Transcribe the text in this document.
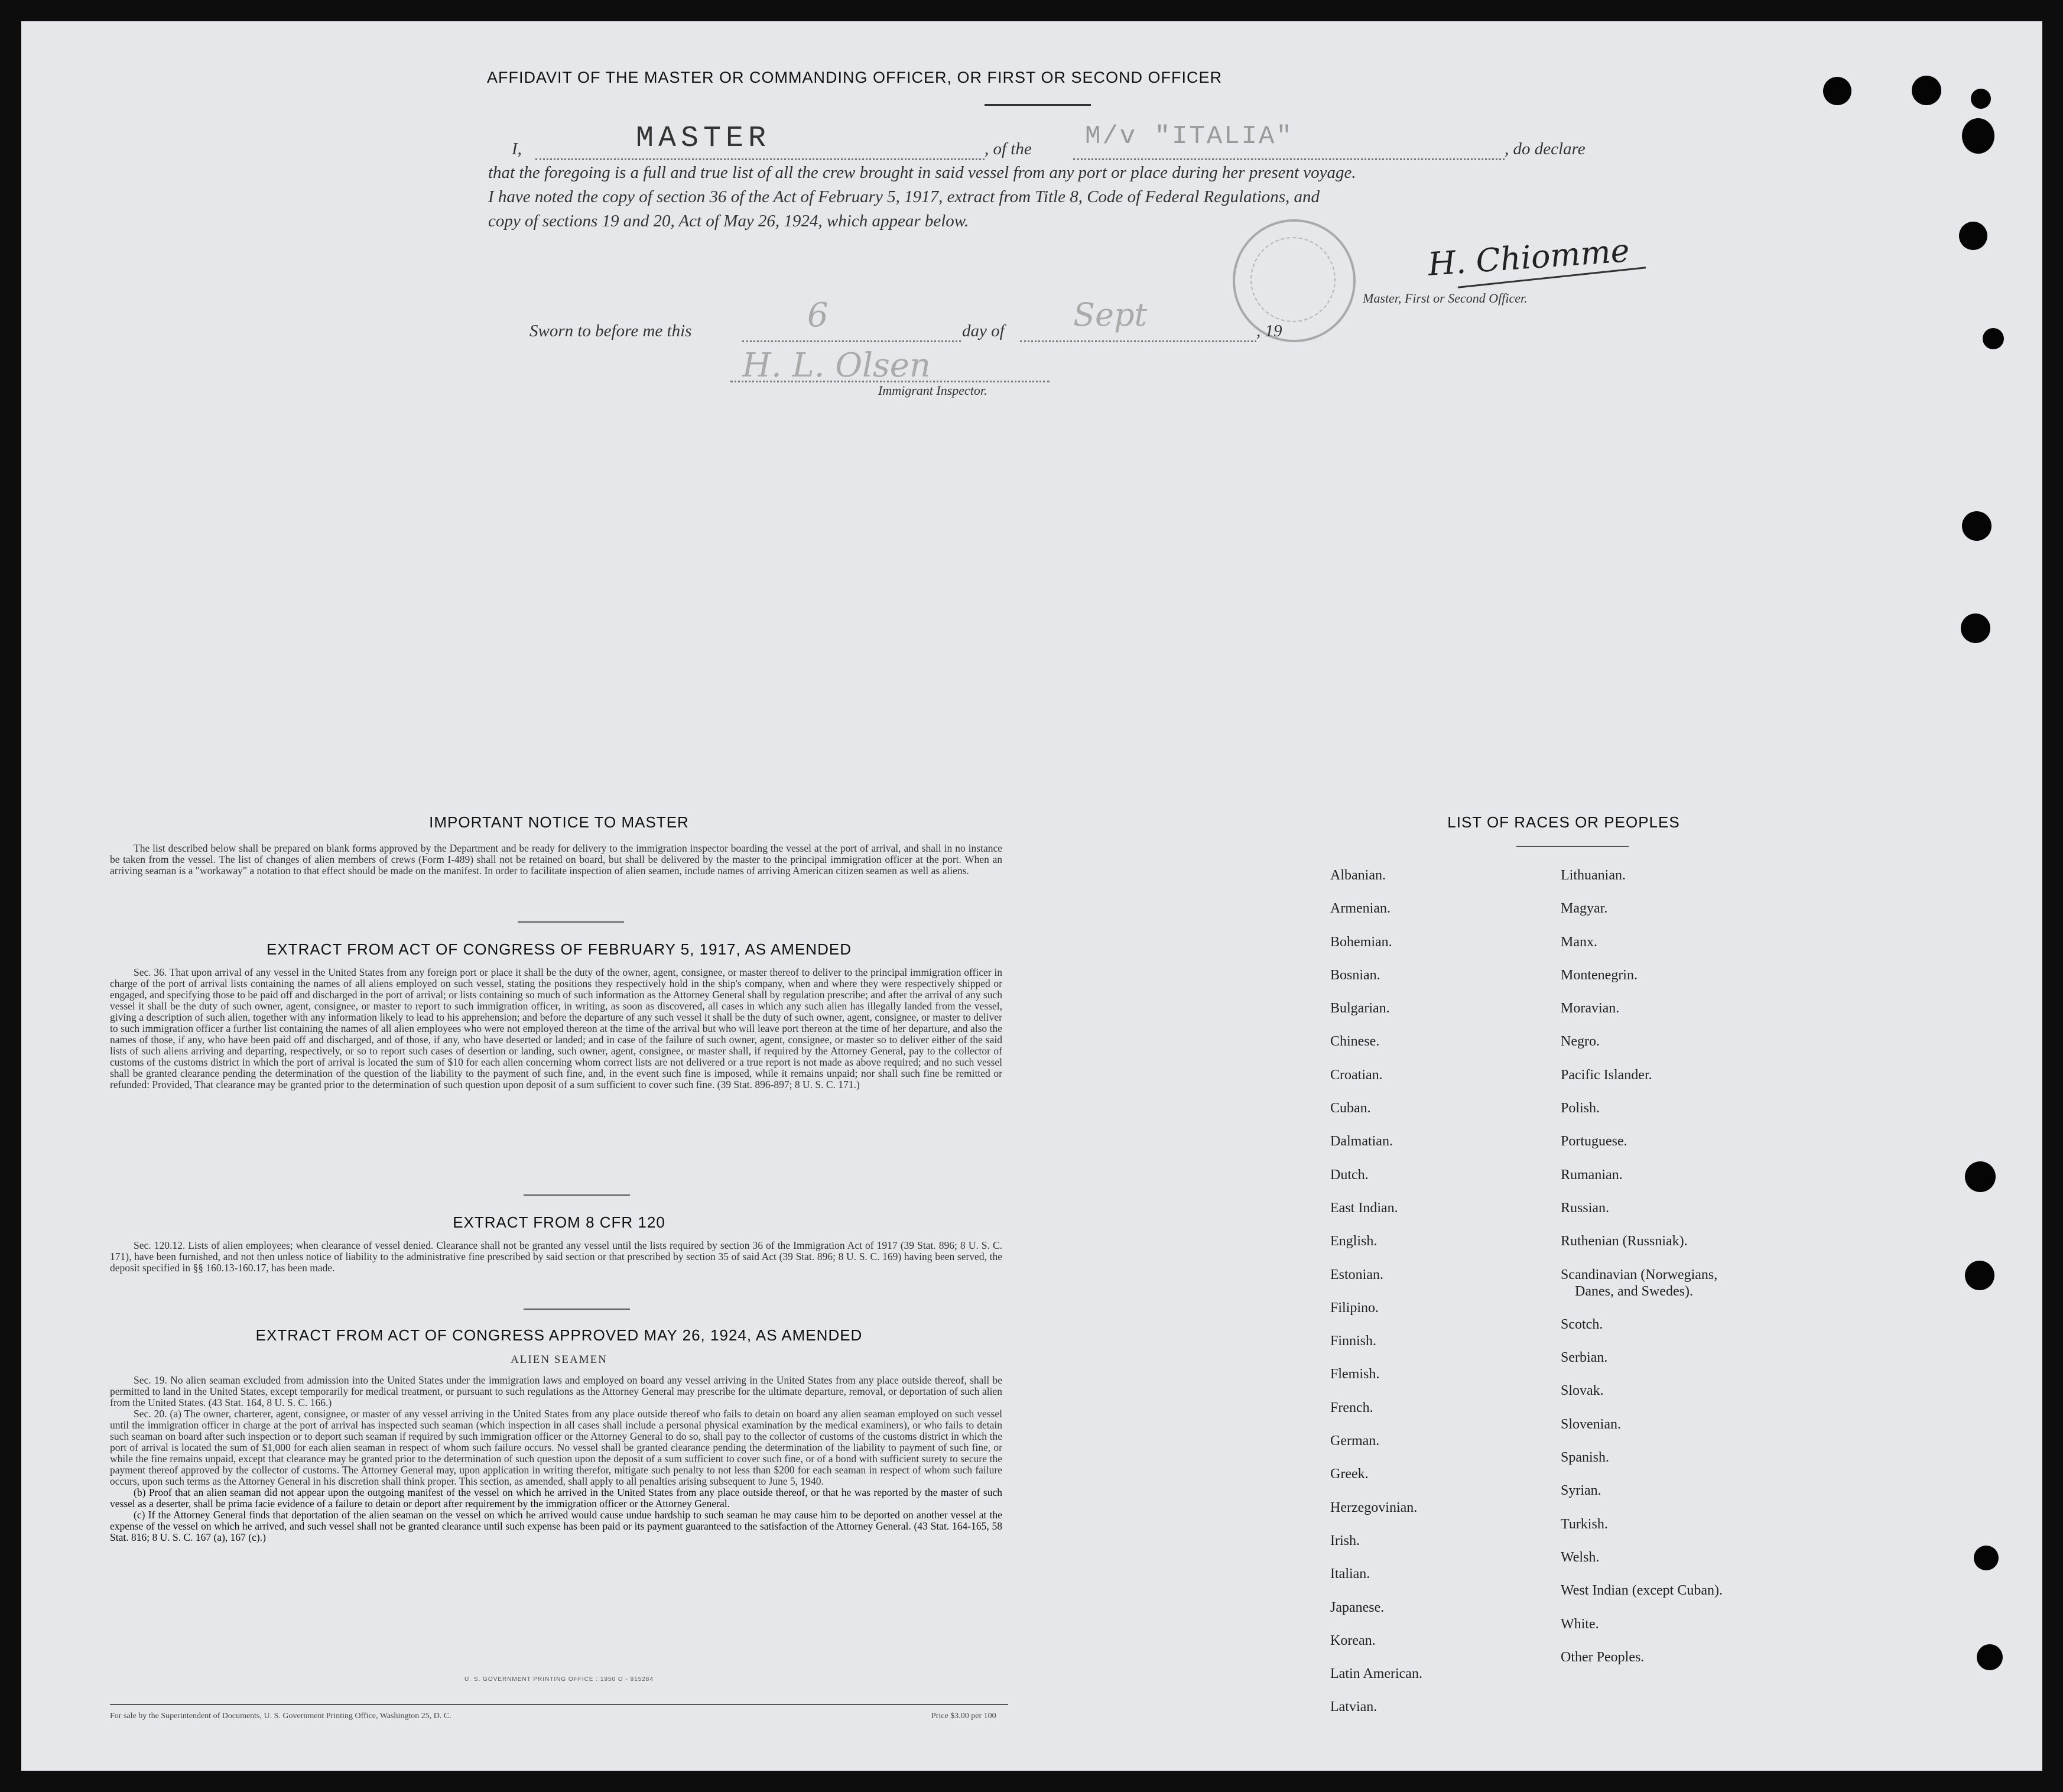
AFFIDAVIT OF THE MASTER OR COMMANDING OFFICER, OR FIRST OR SECOND OFFICER
I,	MASTER	, of the M/v "ITALIA"	, do declare
that the foregoing is a full and true list of all the crew brought in said vessel from any port or place during her present voyage.
I have noted the copy of section 36 of the Act of February 5, 1917, extract from Title 8, Code of Federal Regulations, and
copy of sections 19 and 20, Act of May 26, 1924, which appear below.
H. Chiomme
Master, First or Second Officer.
Sworn to before me this	6	day of Sept	, 19
H. L. Olsen
Immigrant Inspector.
IMPORTANT NOTICE TO MASTER

The list described below shall be prepared on blank forms approved by the Department and be ready for delivery to the immigration inspector boarding the vessel at the port of arrival, and shall in no instance be taken from the vessel. The list of changes of alien members of crews (Form I-489) shall not be retained on board, but shall be delivered by the master to the principal immigration officer at the port. When an arriving seaman is a "workaway" a notation to that effect should be made on the manifest. In order to facilitate inspection of alien seamen, include names of arriving American citizen seamen as well as aliens.

EXTRACT FROM ACT OF CONGRESS OF FEBRUARY 5, 1917, AS AMENDED

Sec. 36. That upon arrival of any vessel in the United States from any foreign port or place it shall be the duty of the owner, agent, consignee, or master thereof to deliver to the principal immigration officer in charge of the port of arrival lists containing the names of all aliens employed on such vessel, stating the positions they respectively hold in the ship's company, when and where they were respectively shipped or engaged, and specifying those to be paid off and discharged in the port of arrival; or lists containing so much of such information as the Attorney General shall by regulation prescribe; and after the arrival of any such vessel it shall be the duty of such owner, agent, consignee, or master to report to such immigration officer, in writing, as soon as discovered, all cases in which any such alien has illegally landed from the vessel, giving a description of such alien, together with any information likely to lead to his apprehension; and before the departure of any such vessel it shall be the duty of such owner, agent, consignee, or master to deliver to such immigration officer a further list containing the names of all alien employees who were not employed thereon at the time of the arrival but who will leave port thereon at the time of her departure, and also the names of those, if any, who have been paid off and discharged, and of those, if any, who have deserted or landed; and in case of the failure of such owner, agent, consignee, or master so to deliver either of the said lists of such aliens arriving and departing, respectively, or so to report such cases of desertion or landing, such owner, agent, consignee, or master shall, if required by the Attorney General, pay to the collector of customs of the customs district in which the port of arrival is located the sum of $10 for each alien concerning whom correct lists are not delivered or a true report is not made as above required; and no such vessel shall be granted clearance pending the determination of the question of the liability to the payment of such fine, and, in the event such fine is imposed, while it remains unpaid; nor shall such fine be remitted or refunded: Provided, That clearance may be granted prior to the determination of such question upon deposit of a sum sufficient to cover such fine. (39 Stat. 896-897; 8 U. S. C. 171.)

EXTRACT FROM 8 CFR 120

Sec. 120.12. Lists of alien employees; when clearance of vessel denied. Clearance shall not be granted any vessel until the lists required by section 36 of the Immigration Act of 1917 (39 Stat. 896; 8 U. S. C. 171), have been furnished, and not then unless notice of liability to the administrative fine prescribed by said section or that prescribed by section 35 of said Act (39 Stat. 896; 8 U. S. C. 169) having been served, the deposit specified in §§ 160.13-160.17, has been made.

EXTRACT FROM ACT OF CONGRESS APPROVED MAY 26, 1924, AS AMENDED
ALIEN SEAMEN

Sec. 19. No alien seaman excluded from admission into the United States under the immigration laws and employed on board any vessel arriving in the United States from any place outside thereof, shall be permitted to land in the United States, except temporarily for medical treatment, or pursuant to such regulations as the Attorney General may prescribe for the ultimate departure, removal, or deportation of such alien from the United States. (43 Stat. 164, 8 U. S. C. 166.)

Sec. 20. (a) The owner, charterer, agent, consignee, or master of any vessel arriving in the United States from any place outside thereof who fails to detain on board any alien seaman employed on such vessel until the immigration officer in charge at the port of arrival has inspected such seaman (which inspection in all cases shall include a personal physical examination by the medical examiners), or who fails to detain such seaman on board after such inspection or to deport such seaman if required by such immigration officer or the Attorney General to do so, shall pay to the collector of customs of the customs district in which the port of arrival is located the sum of $1,000 for each alien seaman in respect of whom such failure occurs. No vessel shall be granted clearance pending the determination of the liability to payment of such fine, or while the fine remains unpaid, except that clearance may be granted prior to the determination of such question upon the deposit of a sum sufficient to cover such fine, or of a bond with sufficient surety to secure the payment thereof approved by the collector of customs. The Attorney General may, upon application in writing therefor, mitigate such penalty to not less than $200 for each seaman in respect of whom such failure occurs, upon such terms as the Attorney General in his discretion shall think proper. This section, as amended, shall apply to all penalties arising subsequent to June 5, 1940.

(b) Proof that an alien seaman did not appear upon the outgoing manifest of the vessel on which he arrived in the United States from any place outside thereof, or that he was reported by the master of such vessel as a deserter, shall be prima facie evidence of a failure to detain or deport after requirement by the immigration officer or the Attorney General.

(c) If the Attorney General finds that deportation of the alien seaman on the vessel on which he arrived would cause undue hardship to such seaman he may cause him to be deported on another vessel at the expense of the vessel on which he arrived, and such vessel shall not be granted clearance until such expense has been paid or its payment guaranteed to the satisfaction of the Attorney General. (43 Stat. 164-165, 58 Stat. 816; 8 U. S. C. 167 (a), 167 (c).)

U. S. GOVERNMENT PRINTING OFFICE : 1950 O - 915284
For sale by the Superintendent of Documents, U. S. Government Printing Office, Washington 25, D. C.	Price $3.00 per 100
LIST OF RACES OR PEOPLES
Albanian.
Armenian.
Bohemian.
Bosnian.
Bulgarian.
Chinese.
Croatian.
Cuban.
Dalmatian.
Dutch.
East Indian.
English.
Estonian.
Filipino.
Finnish.
Flemish.
French.
German.
Greek.
Herzegovinian.
Irish.
Italian.
Japanese.
Korean.
Latin American.
Latvian.
Lithuanian.
Magyar.
Manx.
Montenegrin.
Moravian.
Negro.
Pacific Islander.
Polish.
Portuguese.
Rumanian.
Russian.
Ruthenian (Russniak).
Scandinavian (Norwegians,
Danes, and Swedes).
Scotch.
Serbian.
Slovak.
Slovenian.
Spanish.
Syrian.
Turkish.
Welsh.
West Indian (except Cuban).
White.
Other Peoples.
